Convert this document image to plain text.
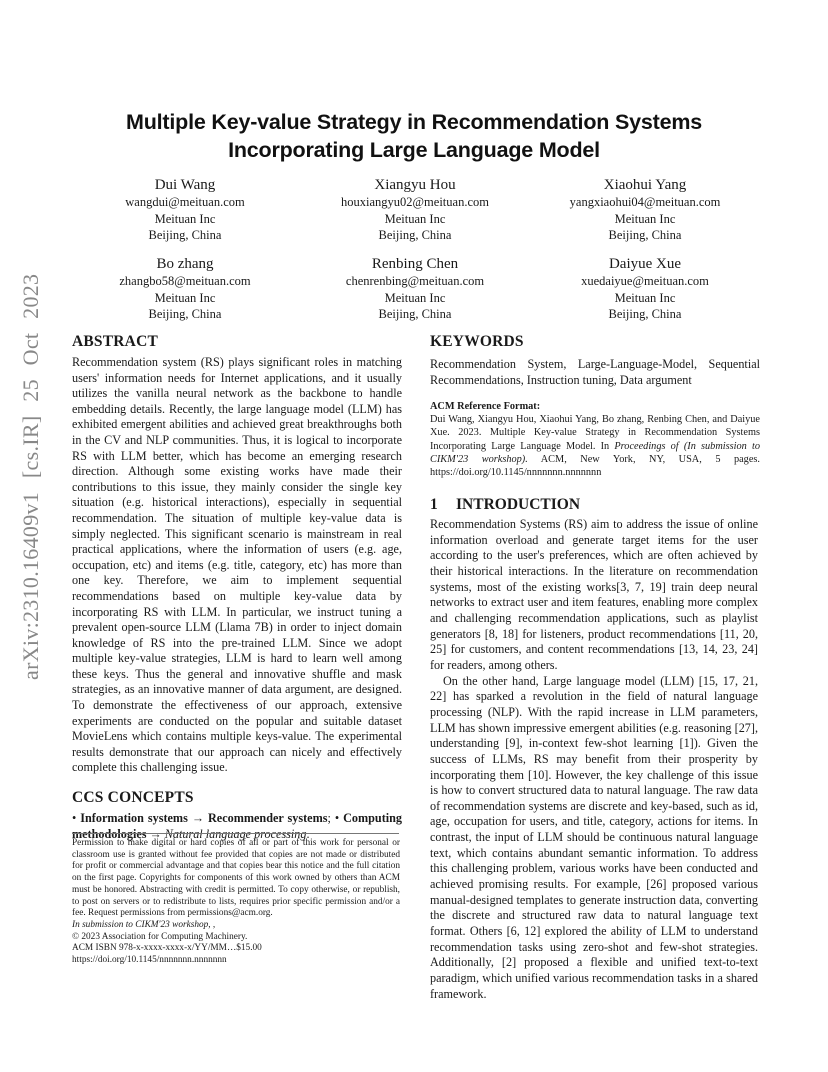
Multiple Key-value Strategy in Recommendation Systems
Incorporating Large Language Model
Dui Wang
wangdui@meituan.com
Meituan Inc
Beijing, China
Xiangyu Hou
houxiangyu02@meituan.com
Meituan Inc
Beijing, China
Xiaohui Yang
yangxiaohui04@meituan.com
Meituan Inc
Beijing, China
Bo zhang
zhangbo58@meituan.com
Meituan Inc
Beijing, China
Renbing Chen
chenrenbing@meituan.com
Meituan Inc
Beijing, China
Daiyue Xue
xuedaiyue@meituan.com
Meituan Inc
Beijing, China
arXiv:2310.16409v1 [cs.IR] 25 Oct 2023 ABSTRACT

Recommendation system (RS) plays significant roles in matching users' information needs for Internet applications, and it usually utilizes the vanilla neural network as the backbone to handle embedding details. Recently, the large language model (LLM) has exhibited emergent abilities and achieved great breakthroughs both in the CV and NLP communities. Thus, it is logical to incorporate RS with LLM better, which has become an emerging research direction. Although some existing works have made their contributions to this issue, they mainly consider the single key situation (e.g. historical interactions), especially in sequential recommendation. The situation of multiple key-value data is simply neglected. This significant scenario is mainstream in real practical applications, where the information of users (e.g. age, occupation, etc) and items (e.g. title, category, etc) has more than one key. Therefore, we aim to implement sequential recommendations based on multiple key-value data by incorporating RS with LLM. In particular, we instruct tuning a prevalent open-source LLM (Llama 7B) in order to inject domain knowledge of RS into the pre-trained LLM. Since we adopt multiple key-value strategies, LLM is hard to learn well among these keys. Thus the general and innovative shuffle and mask strategies, as an innovative manner of data argument, are designed. To demonstrate the effectiveness of our approach, extensive experiments are conducted on the popular and suitable dataset MovieLens which contains multiple keys-value. The experimental results demonstrate that our approach can nicely and effectively complete this challenging issue.

CCS CONCEPTS
• Information systems → Recommender systems; • Computing methodologies → Natural language processing.
Permission to make digital or hard copies of all or part of this work for personal or classroom use is granted without fee provided that copies are not made or distributed for profit or commercial advantage and that copies bear this notice and the full citation on the first page. Copyrights for components of this work owned by others than ACM must be honored. Abstracting with credit is permitted. To copy otherwise, or republish, to post on servers or to redistribute to lists, requires prior specific permission and/or a fee. Request permissions from permissions@acm.org.
In submission to CIKM'23 workshop, ,
© 2023 Association for Computing Machinery.
ACM ISBN 978-x-xxxx-xxxx-x/YY/MM…$15.00
https://doi.org/10.1145/nnnnnnn.nnnnnnn
KEYWORDS

Recommendation System, Large-Language-Model, Sequential Recommendations, Instruction tuning, Data argument

ACM Reference Format:
Dui Wang, Xiangyu Hou, Xiaohui Yang, Bo zhang, Renbing Chen, and Daiyue Xue. 2023. Multiple Key-value Strategy in Recommendation Systems Incorporating Large Language Model. In Proceedings of (In submission to CIKM'23 workshop). ACM, New York, NY, USA, 5 pages. https://doi.org/10.1145/nnnnnnn.nnnnnnn
1 INTRODUCTION

Recommendation Systems (RS) aim to address the issue of online information overload and generate target items for the user according to the user's preferences, which are often achieved by their historical interactions. In the literature on recommendation systems, most of the existing works[3, 7, 19] train deep neural networks to extract user and item features, enabling more complex and challenging recommendation applications, such as playlist generators [8, 18] for listeners, product recommendations [11, 20, 25] for customers, and content recommendations [13, 14, 23, 24] for readers, among others.

On the other hand, Large language model (LLM) [15, 17, 21, 22] has sparked a revolution in the field of natural language processing (NLP). With the rapid increase in LLM parameters, LLM has shown impressive emergent abilities (e.g. reasoning [27], understanding [9], in-context few-shot learning [1]). Given the success of LLMs, RS may benefit from their prosperity by incorporating them [10]. However, the key challenge of this issue is how to convert structured data to natural language. The raw data of recommendation systems are discrete and key-based, such as id, age, occupation for users, and title, category, actions for items. In contrast, the input of LLM should be continuous natural language text, which contains abundant semantic information. To address this challenging problem, various works have been conducted and achieved promising results. For example, [26] proposed various manual-designed templates to generate instruction data, converting the discrete and structured raw data to natural language text format. Others [6, 12] explored the ability of LLM to understand recommendation tasks using zero-shot and few-shot strategies. Additionally, [2] proposed a flexible and unified text-to-text paradigm, which unified various recommendation tasks in a shared framework.
